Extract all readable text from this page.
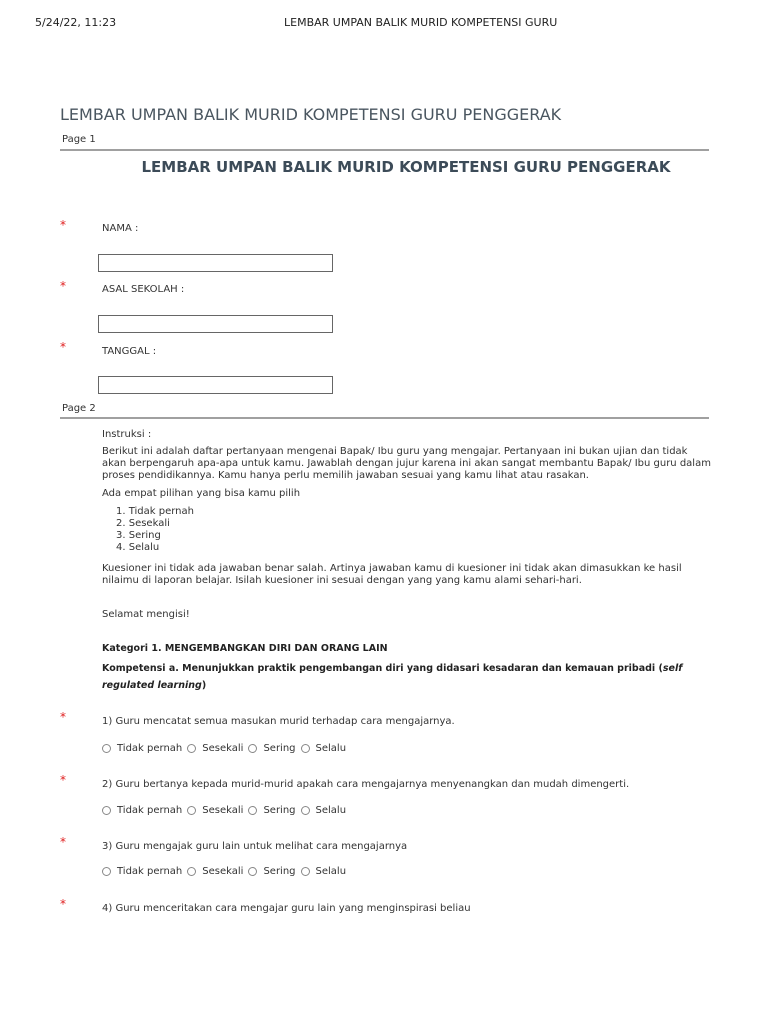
5/24/22, 11:23	LEMBAR UMPAN BALIK MURID KOMPETENSI GURU
LEMBAR UMPAN BALIK MURID KOMPETENSI GURU PENGGERAK
Page 1
LEMBAR UMPAN BALIK MURID KOMPETENSI GURU PENGGERAK
*	NAMA :
*	ASAL SEKOLAH :
*	TANGGAL :
Page 2
Instruksi :
Berikut ini adalah daftar pertanyaan mengenai Bapak/ Ibu guru yang mengajar. Pertanyaan ini bukan ujian dan tidak akan berpengaruh apa-apa untuk kamu. Jawablah dengan jujur karena ini akan sangat membantu Bapak/ Ibu guru dalam proses pendidikannya. Kamu hanya perlu memilih jawaban sesuai yang kamu lihat atau rasakan.
Ada empat pilihan yang bisa kamu pilih
1. Tidak pernah
2. Sesekali
3. Sering
4. Selalu
Kuesioner ini tidak ada jawaban benar salah. Artinya jawaban kamu di kuesioner ini tidak akan dimasukkan ke hasil nilaimu di laporan belajar. Isilah kuesioner ini sesuai dengan yang yang kamu alami sehari-hari.
Selamat mengisi!
Kategori 1. MENGEMBANGKAN DIRI DAN ORANG LAIN
Kompetensi a. Menunjukkan praktik pengembangan diri yang didasari kesadaran dan kemauan pribadi (self regulated learning)
*	1) Guru mencatat semua masukan murid terhadap cara mengajarnya.
Tidak pernah Sesekali Sering Selalu
*	2) Guru bertanya kepada murid-murid apakah cara mengajarnya menyenangkan dan mudah dimengerti.
Tidak pernah Sesekali Sering Selalu
*	3) Guru mengajak guru lain untuk melihat cara mengajarnya
Tidak pernah Sesekali Sering Selalu
*	4) Guru menceritakan cara mengajar guru lain yang menginspirasi beliau
